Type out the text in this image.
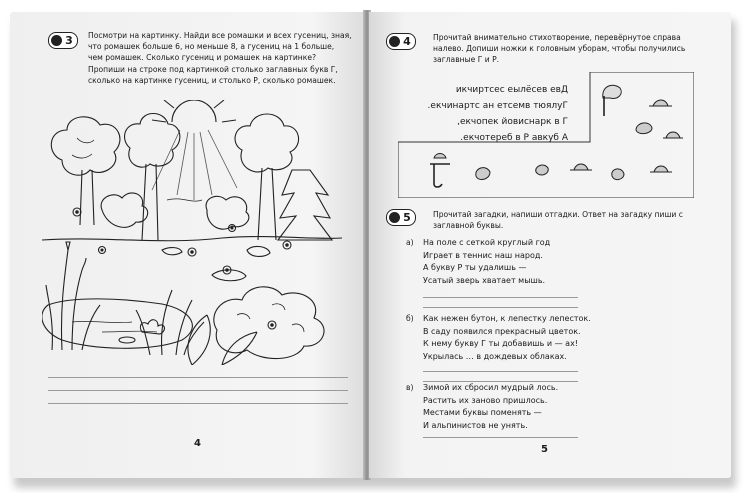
3 Посмотри на картинку. Найди все ромашки и всех гусениц, зная,

что ромашек больше 6, но меньше 8, а гусениц на 1 больше,

чем ромашек. Сколько гусениц и ромашек на картинке?

Пропиши на строке под картинкой столько заглавных букв Г,

сколько на картинке гусениц, и столько Р, сколько ромашек.

4
4	Прочитай внимательно стихотворение, перевёрнутое справа

налево. Допиши ножки к головным уборам, чтобы получились

заглавные Г и Р.

икчиртсес еылёсев евД
.екчинартс ан етсемв тюялуГ
,екчопек йовиснарк в Г
.екчотереб в Р авкуб А
5	Прочитай загадки, напиши отгадки. Ответ на загадку пиши с

заглавной буквы.

а) На поле с сеткой круглый год
Играет в теннис наш народ.
А букву Р ты удалишь —
Усатый зверь хватает мышь.
б) Как нежен бутон, к лепестку лепесток.
В саду появился прекрасный цветок.
К нему букву Г ты добавишь и — ах!
Укрылась … в дождевых облаках.
в) Зимой их сбросил мудрый лось.
Растить их заново пришлось.
Местами буквы поменять —
И альпинистов не унять.
5
